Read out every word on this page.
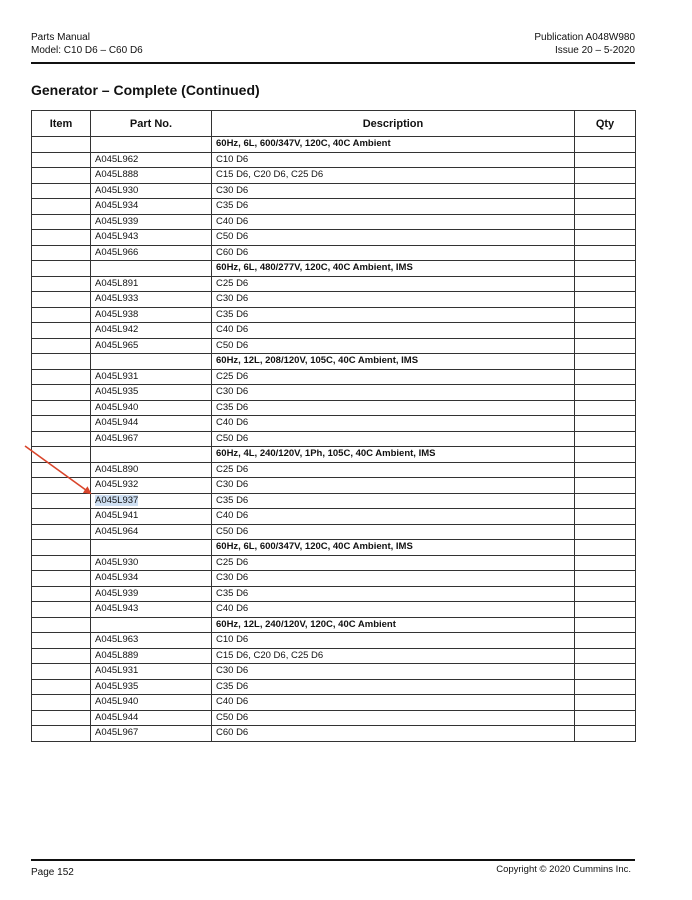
Parts Manual
Model: C10 D6 – C60 D6
Publication A048W980
Issue 20 – 5-2020
Generator – Complete (Continued)
Item	Part No.	Description	Qty
		60Hz, 6L, 600/347V, 120C, 40C Ambient	
	A045L962	C10 D6	
	A045L888	C15 D6, C20 D6, C25 D6	
	A045L930	C30 D6	
	A045L934	C35 D6	
	A045L939	C40 D6	
	A045L943	C50 D6	
	A045L966	C60 D6	
		60Hz, 6L, 480/277V, 120C, 40C Ambient, IMS	
	A045L891	C25 D6	
	A045L933	C30 D6	
	A045L938	C35 D6	
	A045L942	C40 D6	
	A045L965	C50 D6	
		60Hz, 12L, 208/120V, 105C, 40C Ambient, IMS	
	A045L931	C25 D6	
	A045L935	C30 D6	
	A045L940	C35 D6	
	A045L944	C40 D6	
	A045L967	C50 D6	
		60Hz, 4L, 240/120V, 1Ph, 105C, 40C Ambient, IMS	
	A045L890	C25 D6	
	A045L932	C30 D6	
	A045L937	C35 D6	
	A045L941	C40 D6	
	A045L964	C50 D6	
		60Hz, 6L, 600/347V, 120C, 40C Ambient, IMS	
	A045L930	C25 D6	
	A045L934	C30 D6	
	A045L939	C35 D6	
	A045L943	C40 D6	
		60Hz, 12L, 240/120V, 120C, 40C Ambient	
	A045L963	C10 D6	
	A045L889	C15 D6, C20 D6, C25 D6	
	A045L931	C30 D6	
	A045L935	C35 D6	
	A045L940	C40 D6	
	A045L944	C50 D6	
	A045L967	C60 D6	
Page 152	Copyright © 2020 Cummins Inc.
